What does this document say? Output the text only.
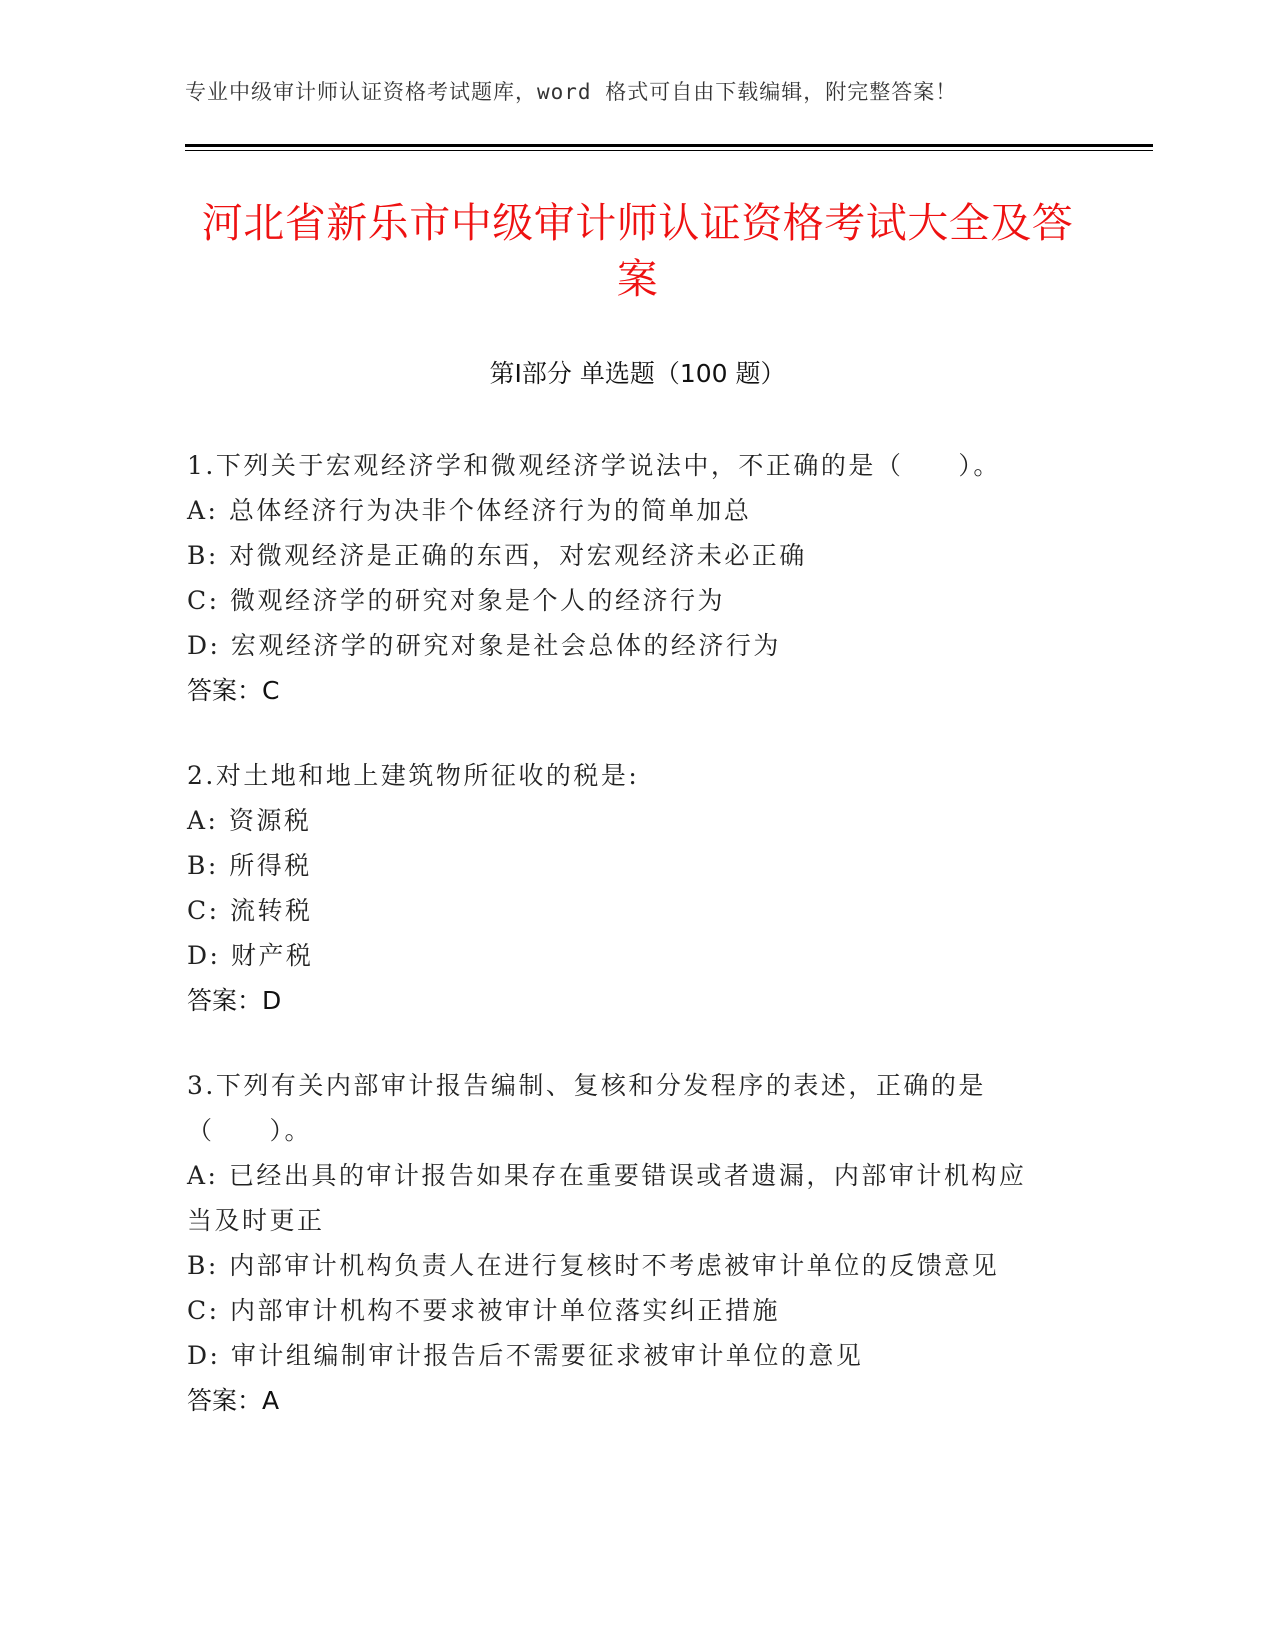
专业中级审计师认证资格考试题库，word 格式可自由下载编辑，附完整答案！
河北省新乐市中级审计师认证资格考试大全及答案
第Ⅰ部分 单选题（100 题）
1.下列关于宏观经济学和微观经济学说法中，不正确的是（　　）。
A: 总体经济行为决非个体经济行为的简单加总
B: 对微观经济是正确的东西，对宏观经济未必正确
C: 微观经济学的研究对象是个人的经济行为
D: 宏观经济学的研究对象是社会总体的经济行为
答案：C
2.对土地和地上建筑物所征收的税是:
A: 资源税
B: 所得税
C: 流转税
D: 财产税
答案：D
3.下列有关内部审计报告编制、复核和分发程序的表述，正确的是（　　）。
A: 已经出具的审计报告如果存在重要错误或者遗漏，内部审计机构应当及时更正
B: 内部审计机构负责人在进行复核时不考虑被审计单位的反馈意见
C: 内部审计机构不要求被审计单位落实纠正措施
D: 审计组编制审计报告后不需要征求被审计单位的意见
答案：A
